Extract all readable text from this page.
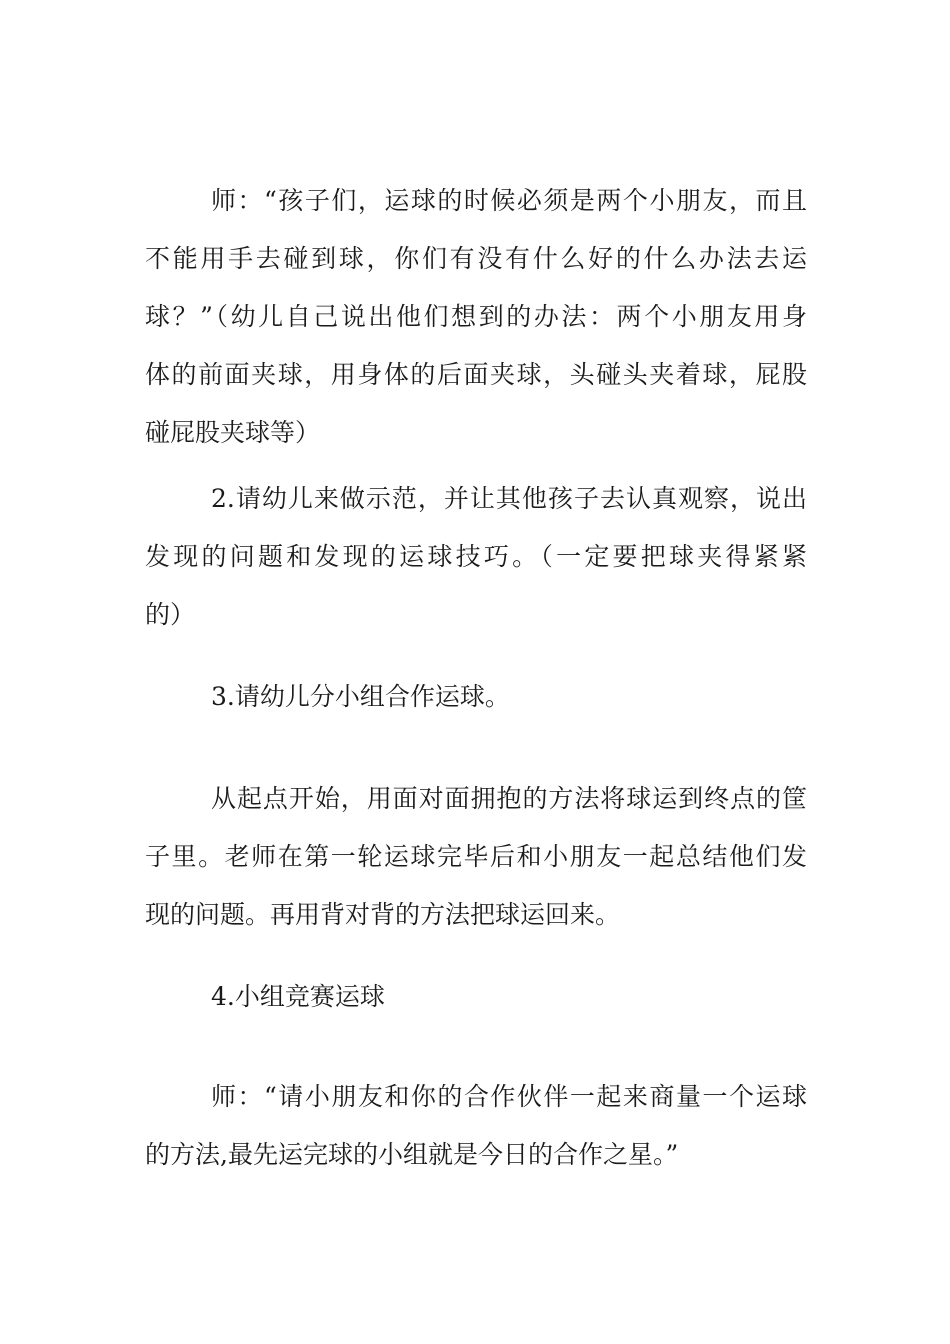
师：“孩子们，运球的时候必须是两个小朋友，而且
不能用手去碰到球，你们有没有什么好的什么办法去运
球？”（幼儿自己说出他们想到的办法：两个小朋友用身
体的前面夹球，用身体的后面夹球，头碰头夹着球，屁股
碰屁股夹球等）
2.请幼儿来做示范，并让其他孩子去认真观察，说出
发现的问题和发现的运球技巧。（一定要把球夹得紧紧
的）
3.请幼儿分小组合作运球。
从起点开始，用面对面拥抱的方法将球运到终点的筐
子里。老师在第一轮运球完毕后和小朋友一起总结他们发
现的问题。再用背对背的方法把球运回来。
4.小组竞赛运球
师：“请小朋友和你的合作伙伴一起来商量一个运球
的方法,最先运完球的小组就是今日的合作之星。”
